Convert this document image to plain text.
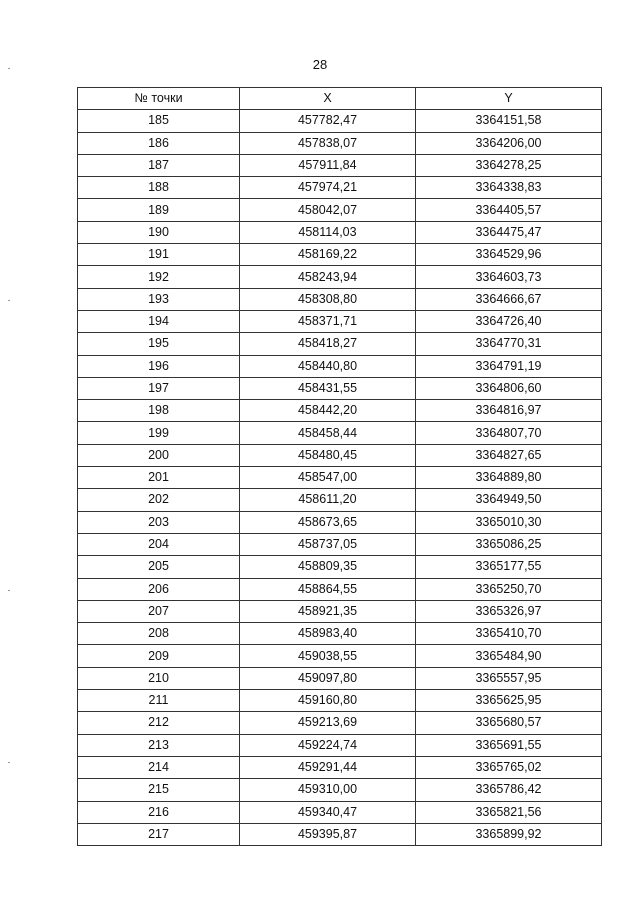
28
№ точки	X	Y
185	457782,47	3364151,58
186	457838,07	3364206,00
187	457911,84	3364278,25
188	457974,21	3364338,83
189	458042,07	3364405,57
190	458114,03	3364475,47
191	458169,22	3364529,96
192	458243,94	3364603,73
193	458308,80	3364666,67
194	458371,71	3364726,40
195	458418,27	3364770,31
196	458440,80	3364791,19
197	458431,55	3364806,60
198	458442,20	3364816,97
199	458458,44	3364807,70
200	458480,45	3364827,65
201	458547,00	3364889,80
202	458611,20	3364949,50
203	458673,65	3365010,30
204	458737,05	3365086,25
205	458809,35	3365177,55
206	458864,55	3365250,70
207	458921,35	3365326,97
208	458983,40	3365410,70
209	459038,55	3365484,90
210	459097,80	3365557,95
211	459160,80	3365625,95
212	459213,69	3365680,57
213	459224,74	3365691,55
214	459291,44	3365765,02
215	459310,00	3365786,42
216	459340,47	3365821,56
217	459395,87	3365899,92
